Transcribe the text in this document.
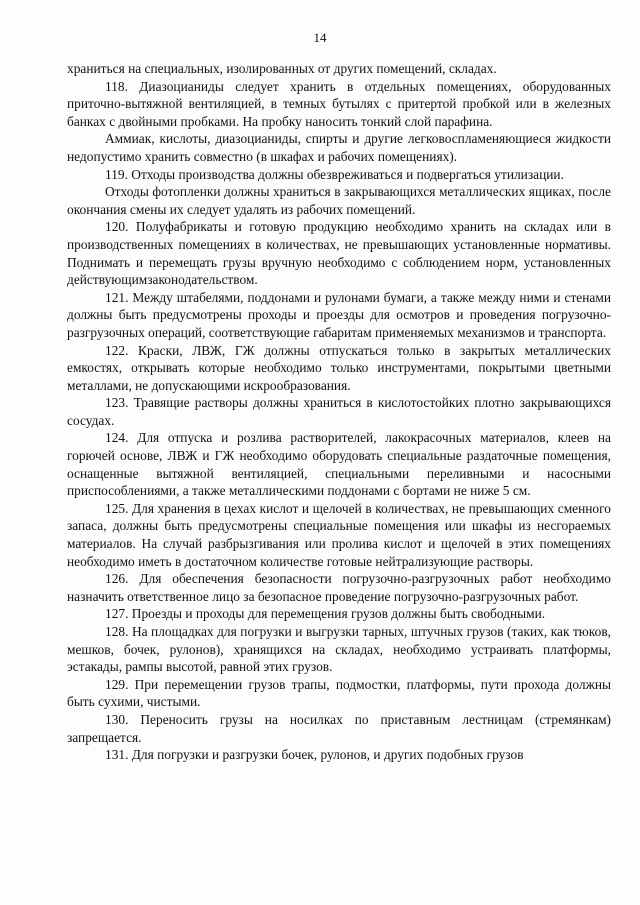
14

храниться на специальных, изолированных от других помещений, складах.

118. Диазоцианиды следует хранить в отдельных помещениях, оборудованных приточно-вытяжной вентиляцией, в темных бутылях с притертой пробкой или в железных банках с двойными пробками. На пробку наносить тонкий слой парафина.

Аммиак, кислоты, диазоцианиды, спирты и другие легковоспламеняющиеся жидкости недопустимо хранить совместно (в шкафах и рабочих помещениях).

119. Отходы производства должны обезвреживаться и подвергаться утилизации.

Отходы фотопленки должны храниться в закрывающихся металлических ящиках, после окончания смены их следует удалять из рабочих помещений.

120. Полуфабрикаты и готовую продукцию необходимо хранить на складах или в производственных помещениях в количествах, не превышающих установленные нормативы. Поднимать и перемещать грузы вручную необходимо с соблюдением норм, установленных действующимзаконодательством.

121. Между штабелями, поддонами и рулонами бумаги, а также между ними и стенами должны быть предусмотрены проходы и проезды для осмотров и проведения погрузочно-разгрузочных операций, соответствующие габаритам применяемых механизмов и транспорта.

122. Краски, ЛВЖ, ГЖ должны отпускаться только в закрытых металлических емкостях, открывать которые необходимо только инструментами, покрытыми цветными металлами, не допускающими искрообразования.

123. Травящие растворы должны храниться в кислотостойких плотно закрывающихся сосудах.

124. Для отпуска и розлива растворителей, лакокрасочных материалов, клеев на горючей основе, ЛВЖ и ГЖ необходимо оборудовать специальные раздаточные помещения, оснащенные вытяжной вентиляцией, специальными переливными и насосными приспособлениями, а также металлическими поддонами с бортами не ниже 5 см.

125. Для хранения в цехах кислот и щелочей в количествах, не превышающих сменного запаса, должны быть предусмотрены специальные помещения или шкафы из несгораемых материалов. На случай разбрызгивания или пролива кислот и щелочей в этих помещениях необходимо иметь в достаточном количестве готовые нейтрализующие растворы.

126. Для обеспечения безопасности погрузочно-разгрузочных работ необходимо назначить ответственное лицо за безопасное проведение погрузочно-разгрузочных работ.

127. Проезды и проходы для перемещения грузов должны быть свободными.

128. На площадках для погрузки и выгрузки тарных, штучных грузов (таких, как тюков, мешков, бочек, рулонов), хранящихся на складах, необходимо устраивать платформы, эстакады, рампы высотой, равной этих грузов.

129. При перемещении грузов трапы, подмостки, платформы, пути прохода должны быть сухими, чистыми.

130. Переносить грузы на носилках по приставным лестницам (стремянкам) запрещается.

131. Для погрузки и разгрузки бочек, рулонов, и других подобных грузов
